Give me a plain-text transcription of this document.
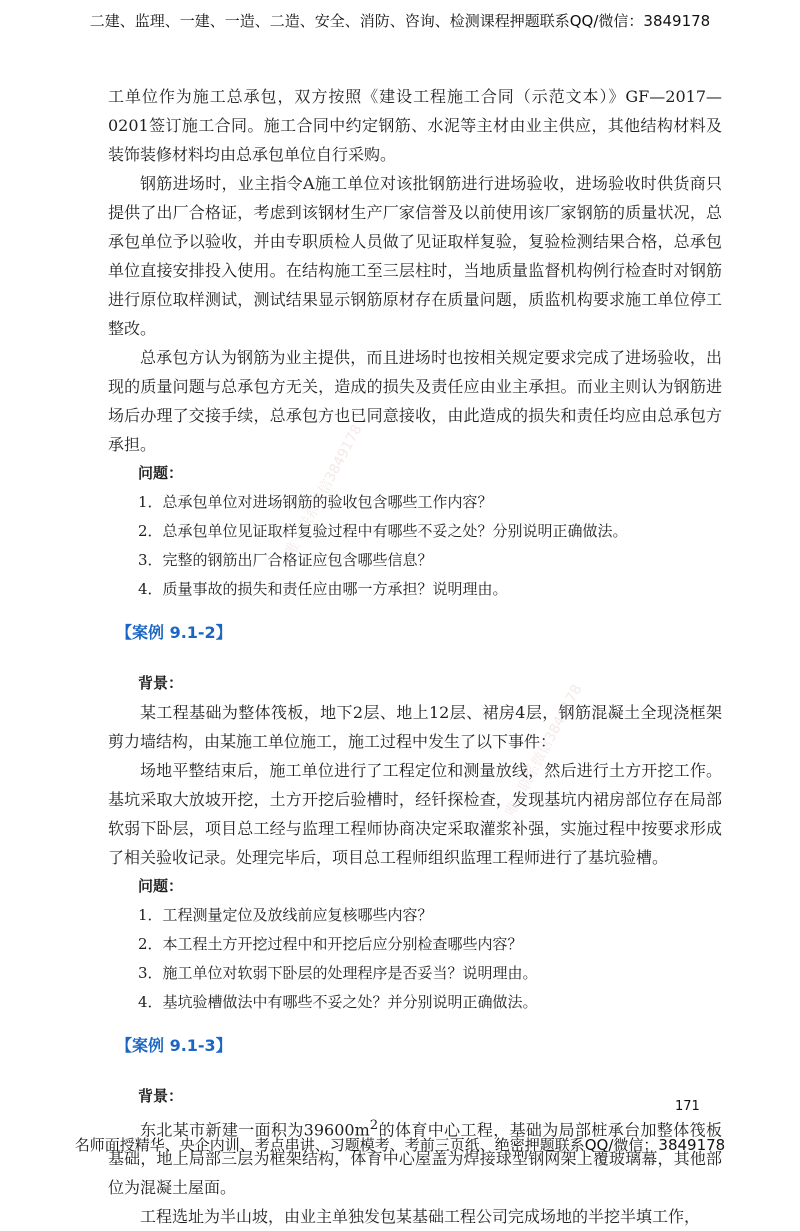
二建、监理、一建、一造、二造、安全、消防、咨询、检测课程押题联系QQ/微信：3849178
唯一联系微信3849178
唯一联系微信3849178

工单位作为施工总承包，双方按照《建设工程施工合同（示范文本）》GF—2017—0201签订施工合同。施工合同中约定钢筋、水泥等主材由业主供应，其他结构材料及装饰装修材料均由总承包单位自行采购。

钢筋进场时，业主指令A施工单位对该批钢筋进行进场验收，进场验收时供货商只提供了出厂合格证，考虑到该钢材生产厂家信誉及以前使用该厂家钢筋的质量状况，总承包单位予以验收，并由专职质检人员做了见证取样复验，复验检测结果合格，总承包单位直接安排投入使用。在结构施工至三层柱时，当地质量监督机构例行检查时对钢筋进行原位取样测试，测试结果显示钢筋原材存在质量问题，质监机构要求施工单位停工整改。

总承包方认为钢筋为业主提供，而且进场时也按相关规定要求完成了进场验收，出现的质量问题与总承包方无关，造成的损失及责任应由业主承担。而业主则认为钢筋进场后办理了交接手续，总承包方也已同意接收，由此造成的损失和责任均应由总承包方承担。

问题：

1．总承包单位对进场钢筋的验收包含哪些工作内容？

2．总承包单位见证取样复验过程中有哪些不妥之处？分别说明正确做法。

3．完整的钢筋出厂合格证应包含哪些信息？

4．质量事故的损失和责任应由哪一方承担？说明理由。

【案例 9.1-2】

背景：

某工程基础为整体筏板，地下2层、地上12层、裙房4层，钢筋混凝土全现浇框架剪力墙结构，由某施工单位施工，施工过程中发生了以下事件：

场地平整结束后，施工单位进行了工程定位和测量放线，然后进行土方开挖工作。基坑采取大放坡开挖，土方开挖后验槽时，经钎探检查，发现基坑内裙房部位存在局部软弱下卧层，项目总工经与监理工程师协商决定采取灌浆补强，实施过程中按要求形成了相关验收记录。处理完毕后，项目总工程师组织监理工程师进行了基坑验槽。

问题：

1．工程测量定位及放线前应复核哪些内容？

2．本工程土方开挖过程中和开挖后应分别检查哪些内容？

3．施工单位对软弱下卧层的处理程序是否妥当？说明理由。

4．基坑验槽做法中有哪些不妥之处？并分别说明正确做法。

【案例 9.1-3】

背景：

东北某市新建一面积为$39600m^2$的体育中心工程，基础为局部桩承台加整体筏板基础，地上局部三层为框架结构，体育中心屋盖为焊接球型钢网架上覆玻璃幕，其他部位为混凝土屋面。

工程选址为半山坡，由业主单独发包某基础工程公司完成场地的半挖半填工作，

171
名师面授精华、央企内训、考点串讲、习题模考、考前三页纸、绝密押题联系QQ/微信：3849178
